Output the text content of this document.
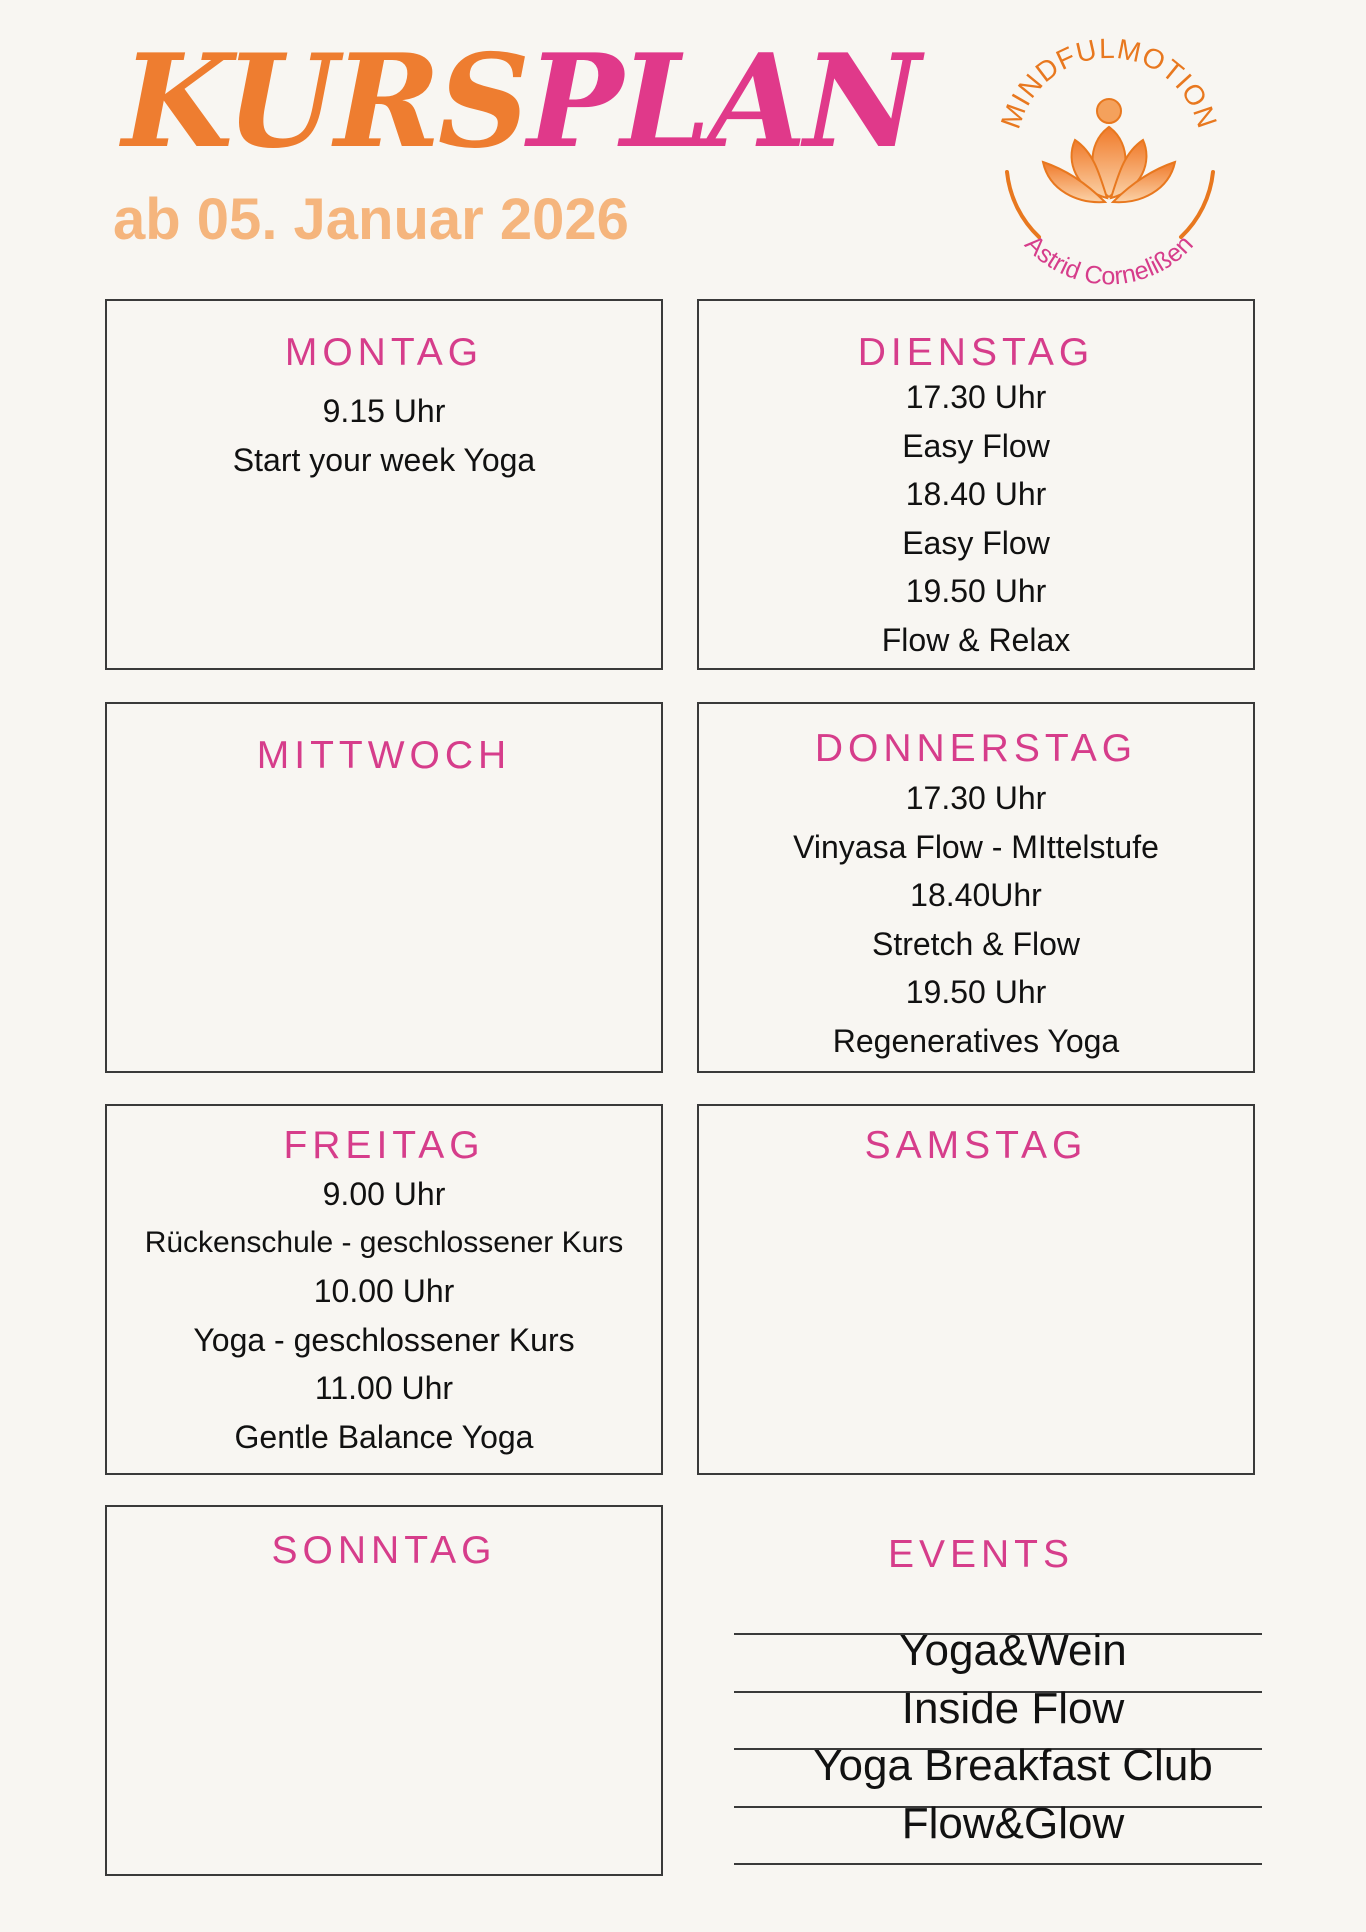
KURSPLAN
ab 05. Januar 2026
MINDFULMOTION
Astrid Cornelißen
MONTAG
9.15 Uhr
Start your week Yoga
DIENSTAG
17.30 Uhr
Easy Flow
18.40 Uhr
Easy Flow
19.50 Uhr
Flow & Relax
MITTWOCH	DONNERSTAG
17.30 Uhr
Vinyasa Flow - MIttelstufe
18.40Uhr
Stretch & Flow
19.50 Uhr
Regeneratives Yoga
FREITAG
9.00 Uhr
Rückenschule - geschlossener Kurs
10.00 Uhr
Yoga - geschlossener Kurs
11.00 Uhr
Gentle Balance Yoga
SAMSTAG
SONNTAG	EVENTS
Yoga&Wein
Inside Flow
Yoga Breakfast Club
Flow&Glow
